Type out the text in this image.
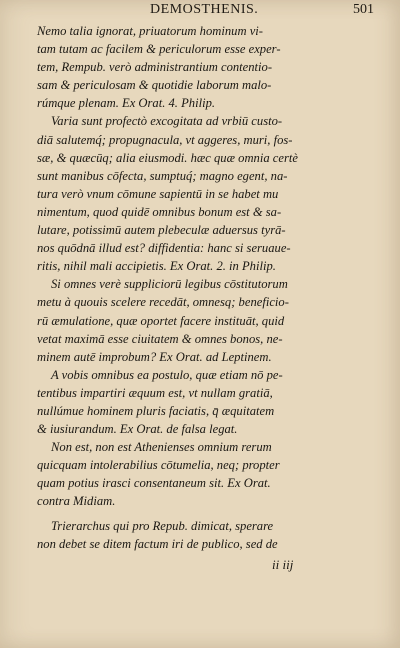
DEMOSTHENIS.	501
Nemo talia ignorat, priuatorum hominum vi-
tam tutam ac facilem & periculorum esse exper-
tem, Rempub. verò administrantium contentio-
sam & periculosam & quotidie laborum malo-
rúmque plenam. Ex Orat. 4. Philip.
Varia sunt profectò excogitata ad vrbiū custo-
diā salutemq́; propugnacula, vt aggeres, muri, fos-
sæ, & quæcūq; alia eiusmodi. hæc quæ omnia certè
sunt manibus cōfecta, sumptuq́; magno egent, na-
tura verò vnum cōmune sapientū in se habet mu
nimentum, quod quidē omnibus bonum est & sa-
lutare, potissimū autem plebeculæ aduersus tyrā-
nos quōdnā illud est? diffidentia: hanc si seruaue-
ritis, nihil mali accipietis. Ex Orat. 2. in Philip.
Si omnes verè suppliciorū legibus cōstitutorum
metu à quouis scelere recedāt, omnesq; beneficio-
rū æmulatione, quæ oportet facere instituāt, quid
vetat maximā esse ciuitatem & omnes bonos, ne-
minem autē improbum? Ex Orat. ad Leptinem.
A vobis omnibus ea postulo, quæ etiam nō pe-
tentibus impartiri æquum est, vt nullam gratiā,
nullúmue hominem pluris faciatis, q̄ æquitatem
& iusiurandum. Ex Orat. de falsa legat.
Non est, non est Athenienses omnium rerum
quicquam intolerabilius cōtumelia, neq; propter
quam potius irasci consentaneum sit. Ex Orat.
contra Midiam.
Trierarchus qui pro Repub. dimicat, sperare
non debet se ditem factum iri de publico, sed de
ii iij
